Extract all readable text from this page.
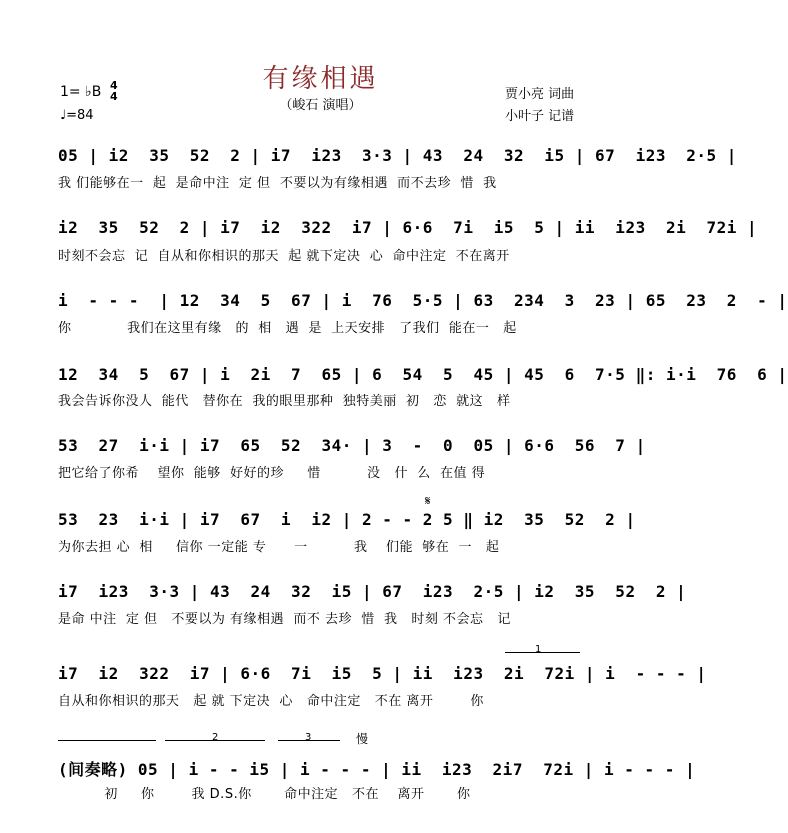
有缘相遇
（峻石 演唱）
1= ♭B 4
4
♩=84
贾小亮 词曲
小叶子 记谱
05 | i2  35  52  2 | i7  i23  3·3 | 43  24  32  i5 | 67  i23  2·5 |
我 们能够在一  起  是命中注  定 但  不要以为有缘相遇  而不去珍  惜  我
i2  35  52  2 | i7  i2  322  i7 | 6·6  7i  i5  5 | ii  i23  2i  72i |
时刻不会忘  记  自从和你相识的那天  起 就下定决  心  命中注定  不在离开
i  - - -  | 12  34  5  67 | i  76  5·5 | 63  234  3  23 | 65  23  2  - |
你            我们在这里有缘   的  相   遇  是  上天安排   了我们  能在一   起
12  34  5  67 | i  2i  7  65 | 6  54  5  45 | 45  6  7·5 ‖: i·i  76  6 |
我会告诉你没人  能代   替你在  我的眼里那种  独特美丽  初   恋  就这   样
53  27  i·i | i7  65  52  34· | 3  -  0  05 | 6·6  56  7 |
把它给了你希    望你  能够  好好的珍     惜          没   什  么  在值 得
𝄋
53  23  i·i | i7  67  i  i2 | 2 - - 2 5 ‖ i2  35  52  2 |
为你去担 心  相     信你 一定能 专      一          我    们能  够在  一   起
i7  i23  3·3 | 43  24  32  i5 | 67  i23  2·5 | i2  35  52  2 |
是命 中注  定 但   不要以为 有缘相遇  而不 去珍  惜  我   时刻 不会忘   记
1
i7  i2  322  i7 | 6·6  7i  i5  5 | ii  i23  2i  72i | i  - - - |
自从和你相识的那天   起 就 下定决  心   命中注定   不在 离开        你
2	3	慢
(间奏略) 05 | i - - i5 | i - - - | ii  i23  2i7  72i | i - - - |
初     你        我 D.S.你       命中注定   不在    离开       你
